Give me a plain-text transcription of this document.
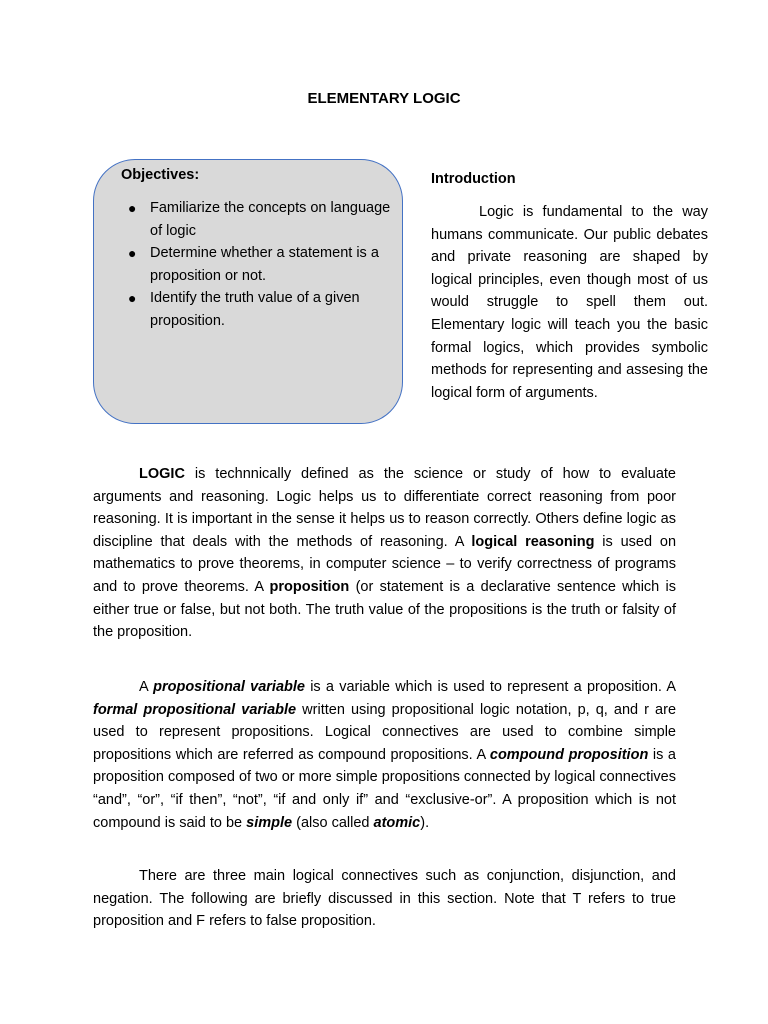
ELEMENTARY LOGIC
Objectives:
● Familiarize the concepts on language of logic
● Determine whether a statement is a proposition or not.
● Identify the truth value of a given proposition.
Introduction

Logic is fundamental to the way humans communicate. Our public debates and private reasoning are shaped by logical principles, even though most of us would struggle to spell them out. Elementary logic will teach you the basic formal logics, which provides symbolic methods for representing and assesing the logical form of arguments.

LOGIC is technnically defined as the science or study of how to evaluate arguments and reasoning. Logic helps us to differentiate correct reasoning from poor reasoning. It is important in the sense it helps us to reason correctly. Others define logic as discipline that deals with the methods of reasoning. A logical reasoning is used on mathematics to prove theorems, in computer science – to verify correctness of programs and to prove theorems. A proposition (or statement is a declarative sentence which is either true or false, but not both. The truth value of the propositions is the truth or falsity of the proposition.

A propositional variable is a variable which is used to represent a proposition. A formal propositional variable written using propositional logic notation, p, q, and r are used to represent propositions. Logical connectives are used to combine simple propositions which are referred as compound propositions. A compound proposition is a proposition composed of two or more simple propositions connected by logical connectives “and”, “or”, “if then”, “not”, “if and only if” and “exclusive-or”. A proposition which is not compound is said to be simple (also called atomic).

There are three main logical connectives such as conjunction, disjunction, and negation. The following are briefly discussed in this section. Note that T refers to true proposition and F refers to false proposition.
